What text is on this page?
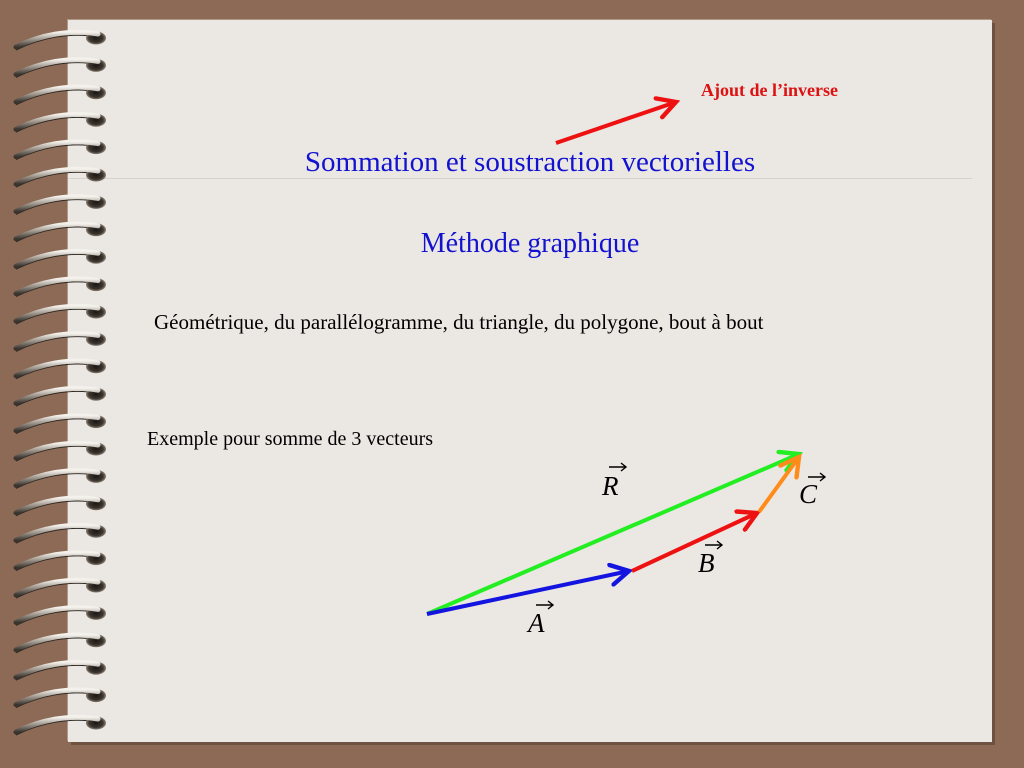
Sommation et soustraction vectorielles
Méthode graphique
Géométrique, du parallélogramme, du triangle, du polygone, bout à bout
Exemple pour somme de 3 vecteurs
Ajout de l’inverse
R	C
B
A
